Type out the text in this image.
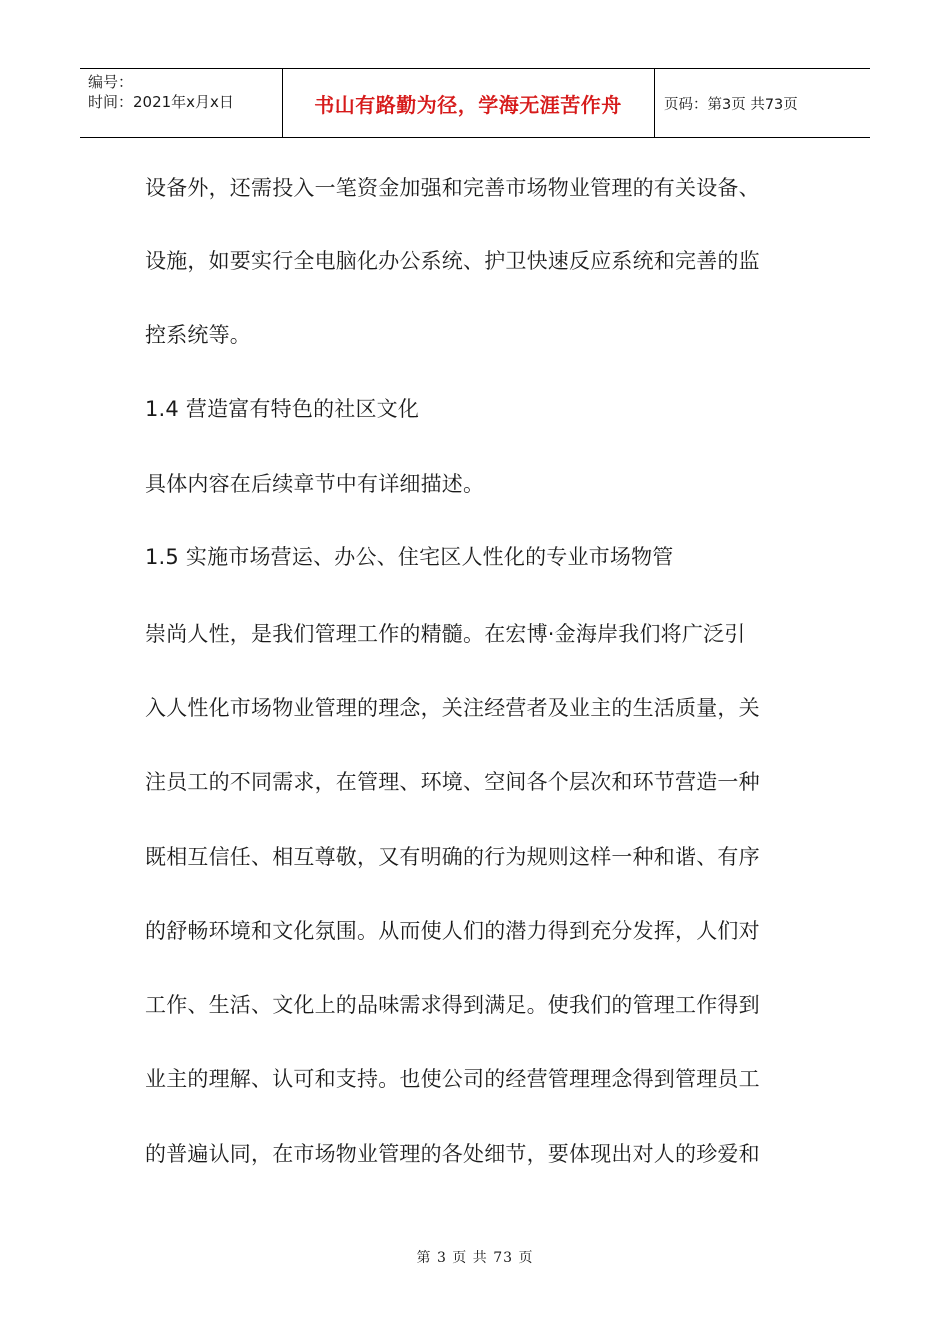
编号：
时间：2021年x月x日	书山有路勤为径，学海无涯苦作舟	页码：第3页 共73页
设备外，还需投入一笔资金加强和完善市场物业管理的有关设备、
设施，如要实行全电脑化办公系统、护卫快速反应系统和完善的监
控系统等。
1.4 营造富有特色的社区文化
具体内容在后续章节中有详细描述。
1.5 实施市场营运、办公、住宅区人性化的专业市场物管
崇尚人性，是我们管理工作的精髓。在宏博·金海岸我们将广泛引
入人性化市场物业管理的理念，关注经营者及业主的生活质量，关
注员工的不同需求，在管理、环境、空间各个层次和环节营造一种
既相互信任、相互尊敬，又有明确的行为规则这样一种和谐、有序
的舒畅环境和文化氛围。从而使人们的潜力得到充分发挥，人们对
工作、生活、文化上的品味需求得到满足。使我们的管理工作得到
业主的理解、认可和支持。也使公司的经营管理理念得到管理员工
的普遍认同，在市场物业管理的各处细节，要体现出对人的珍爱和
第 3 页 共 73 页
